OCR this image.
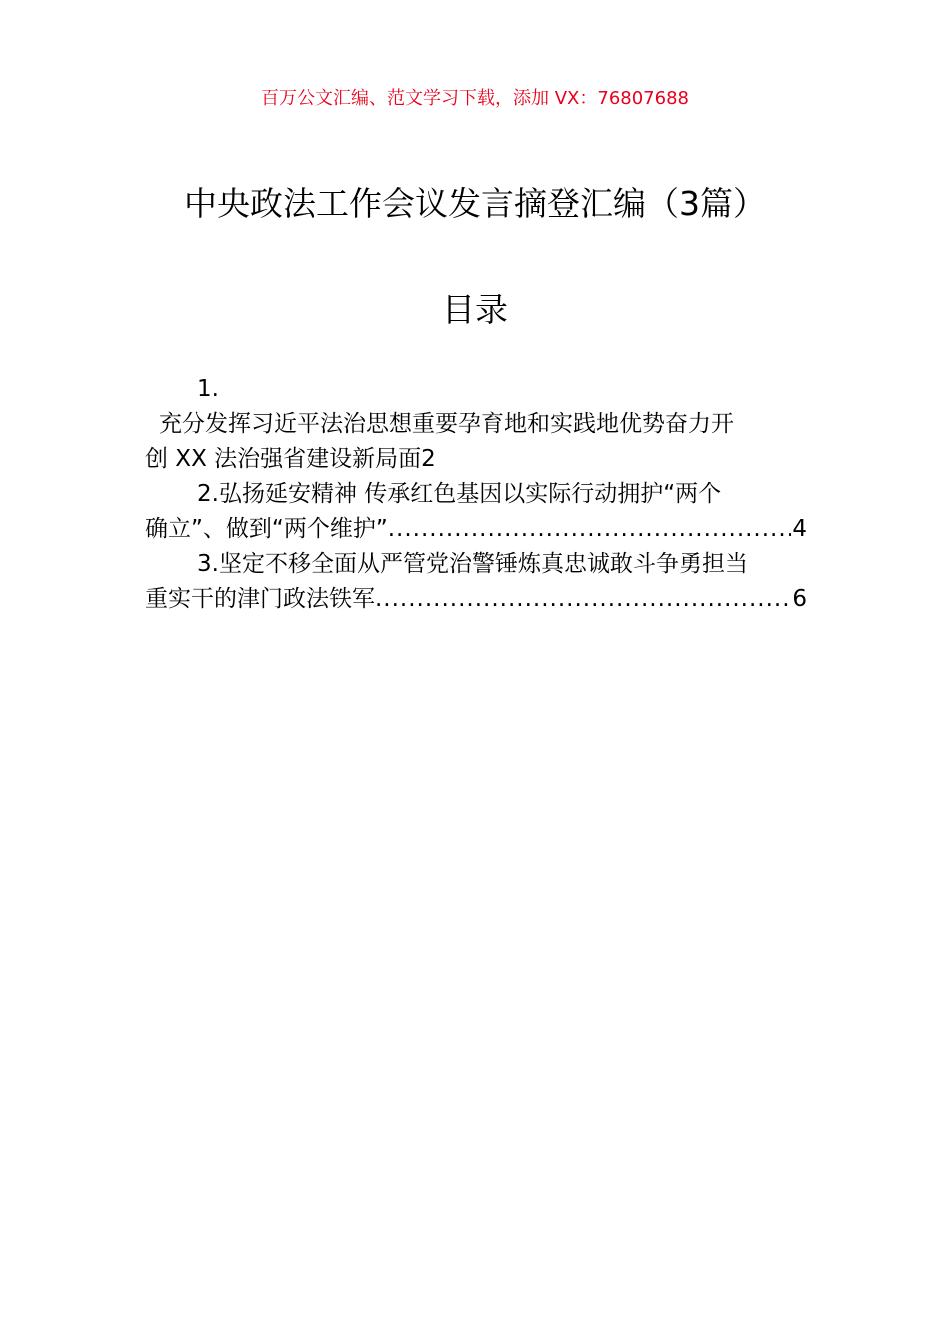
百万公文汇编、范文学习下载，添加 VX：76807688
中央政法工作会议发言摘登汇编（3篇）
目录
1.
充分发挥习近平法治思想重要孕育地和实践地优势奋力开
创 XX 法治强省建设新局面2
2.弘扬延安精神 传承红色基因以实际行动拥护“两个
确立”、做到“两个维护” .....	4
3.坚定不移全面从严管党治警锤炼真忠诚敢斗争勇担当
重实干的津门政法铁军 .....	6
